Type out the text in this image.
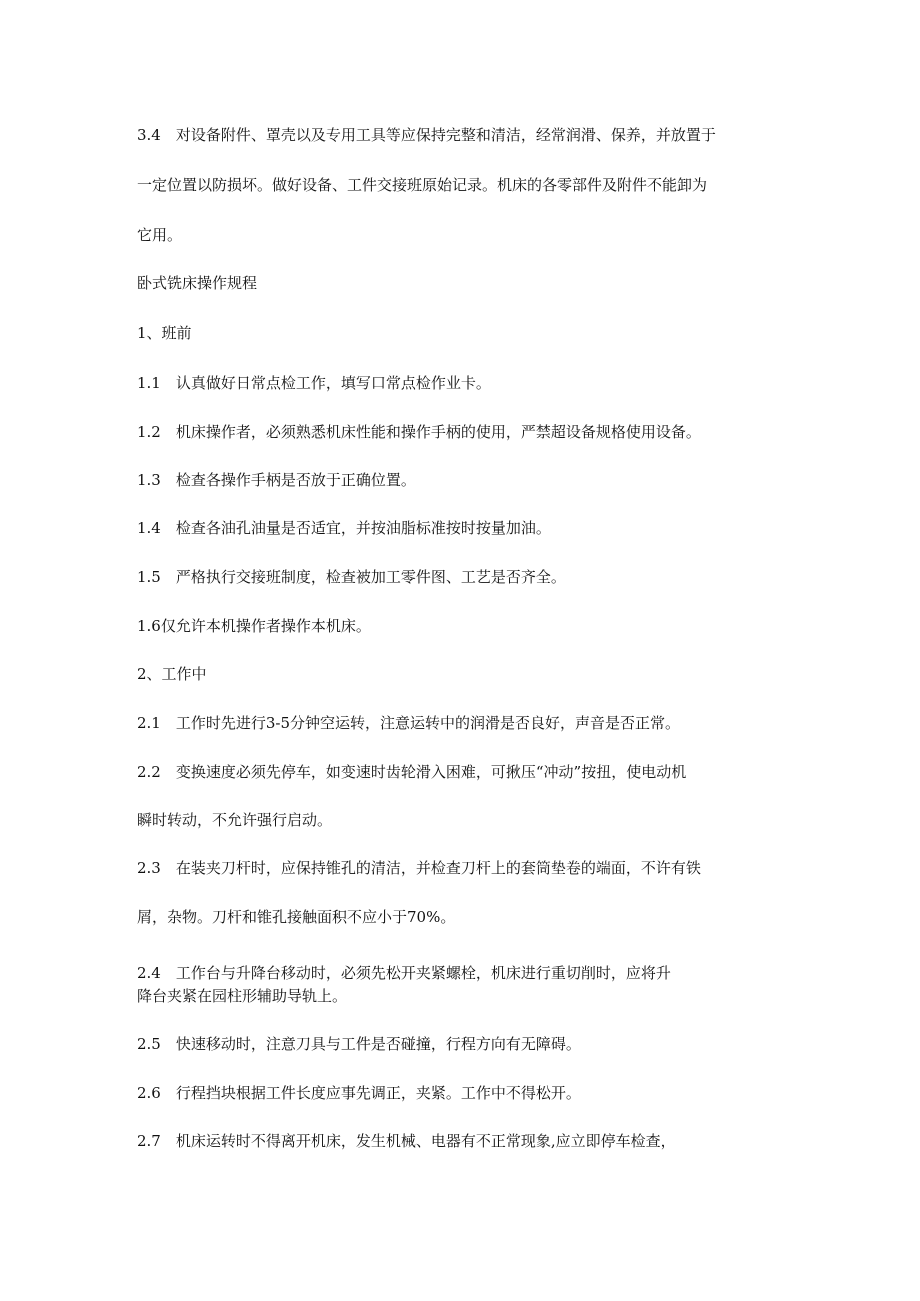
3.4　对设备附件、罩壳以及专用工具等应保持完整和清洁，经常润滑、保养，并放置于

一定位置以防损坏。做好设备、工件交接班原始记录。机床的各零部件及附件不能卸为

它用。

卧式铣床操作规程

1、班前

1.1　认真做好日常点检工作，填写口常点检作业卡。

1.2　机床操作者，必须熟悉机床性能和操作手柄的使用，严禁超设备规格使用设备。

1.3　检查各操作手柄是否放于正确位置。

1.4　检查各油孔油量是否适宜，并按油脂标准按时按量加油。

1.5　严格执行交接班制度，检查被加工零件图、工艺是否齐全。

1.6仅允许本机操作者操作本机床。

2、工作中

2.1　工作时先进行3-5分钟空运转，注意运转中的润滑是否良好，声音是否正常。

2.2　变换速度必须先停车，如变速时齿轮滑入困难，可揪压“冲动”按扭，使电动机

瞬时转动，不允许强行启动。

2.3　在装夹刀杆时，应保持锥孔的清洁，并检查刀杆上的套筒垫卷的端面，不许有铁

屑，杂物。刀杆和锥孔接触面积不应小于70%。

2.4　工作台与升降台移动时，必须先松开夹紧螺栓，机床进行重切削时，应将升

降台夹紧在园柱形辅助导轨上。

2.5　快速移动时，注意刀具与工件是否碰撞，行程方向有无障碍。

2.6　行程挡块根据工件长度应事先调正，夹紧。工作中不得松开。

2.7　机床运转时不得离开机床，发生机械、电器有不正常现象,应立即停车检查，
